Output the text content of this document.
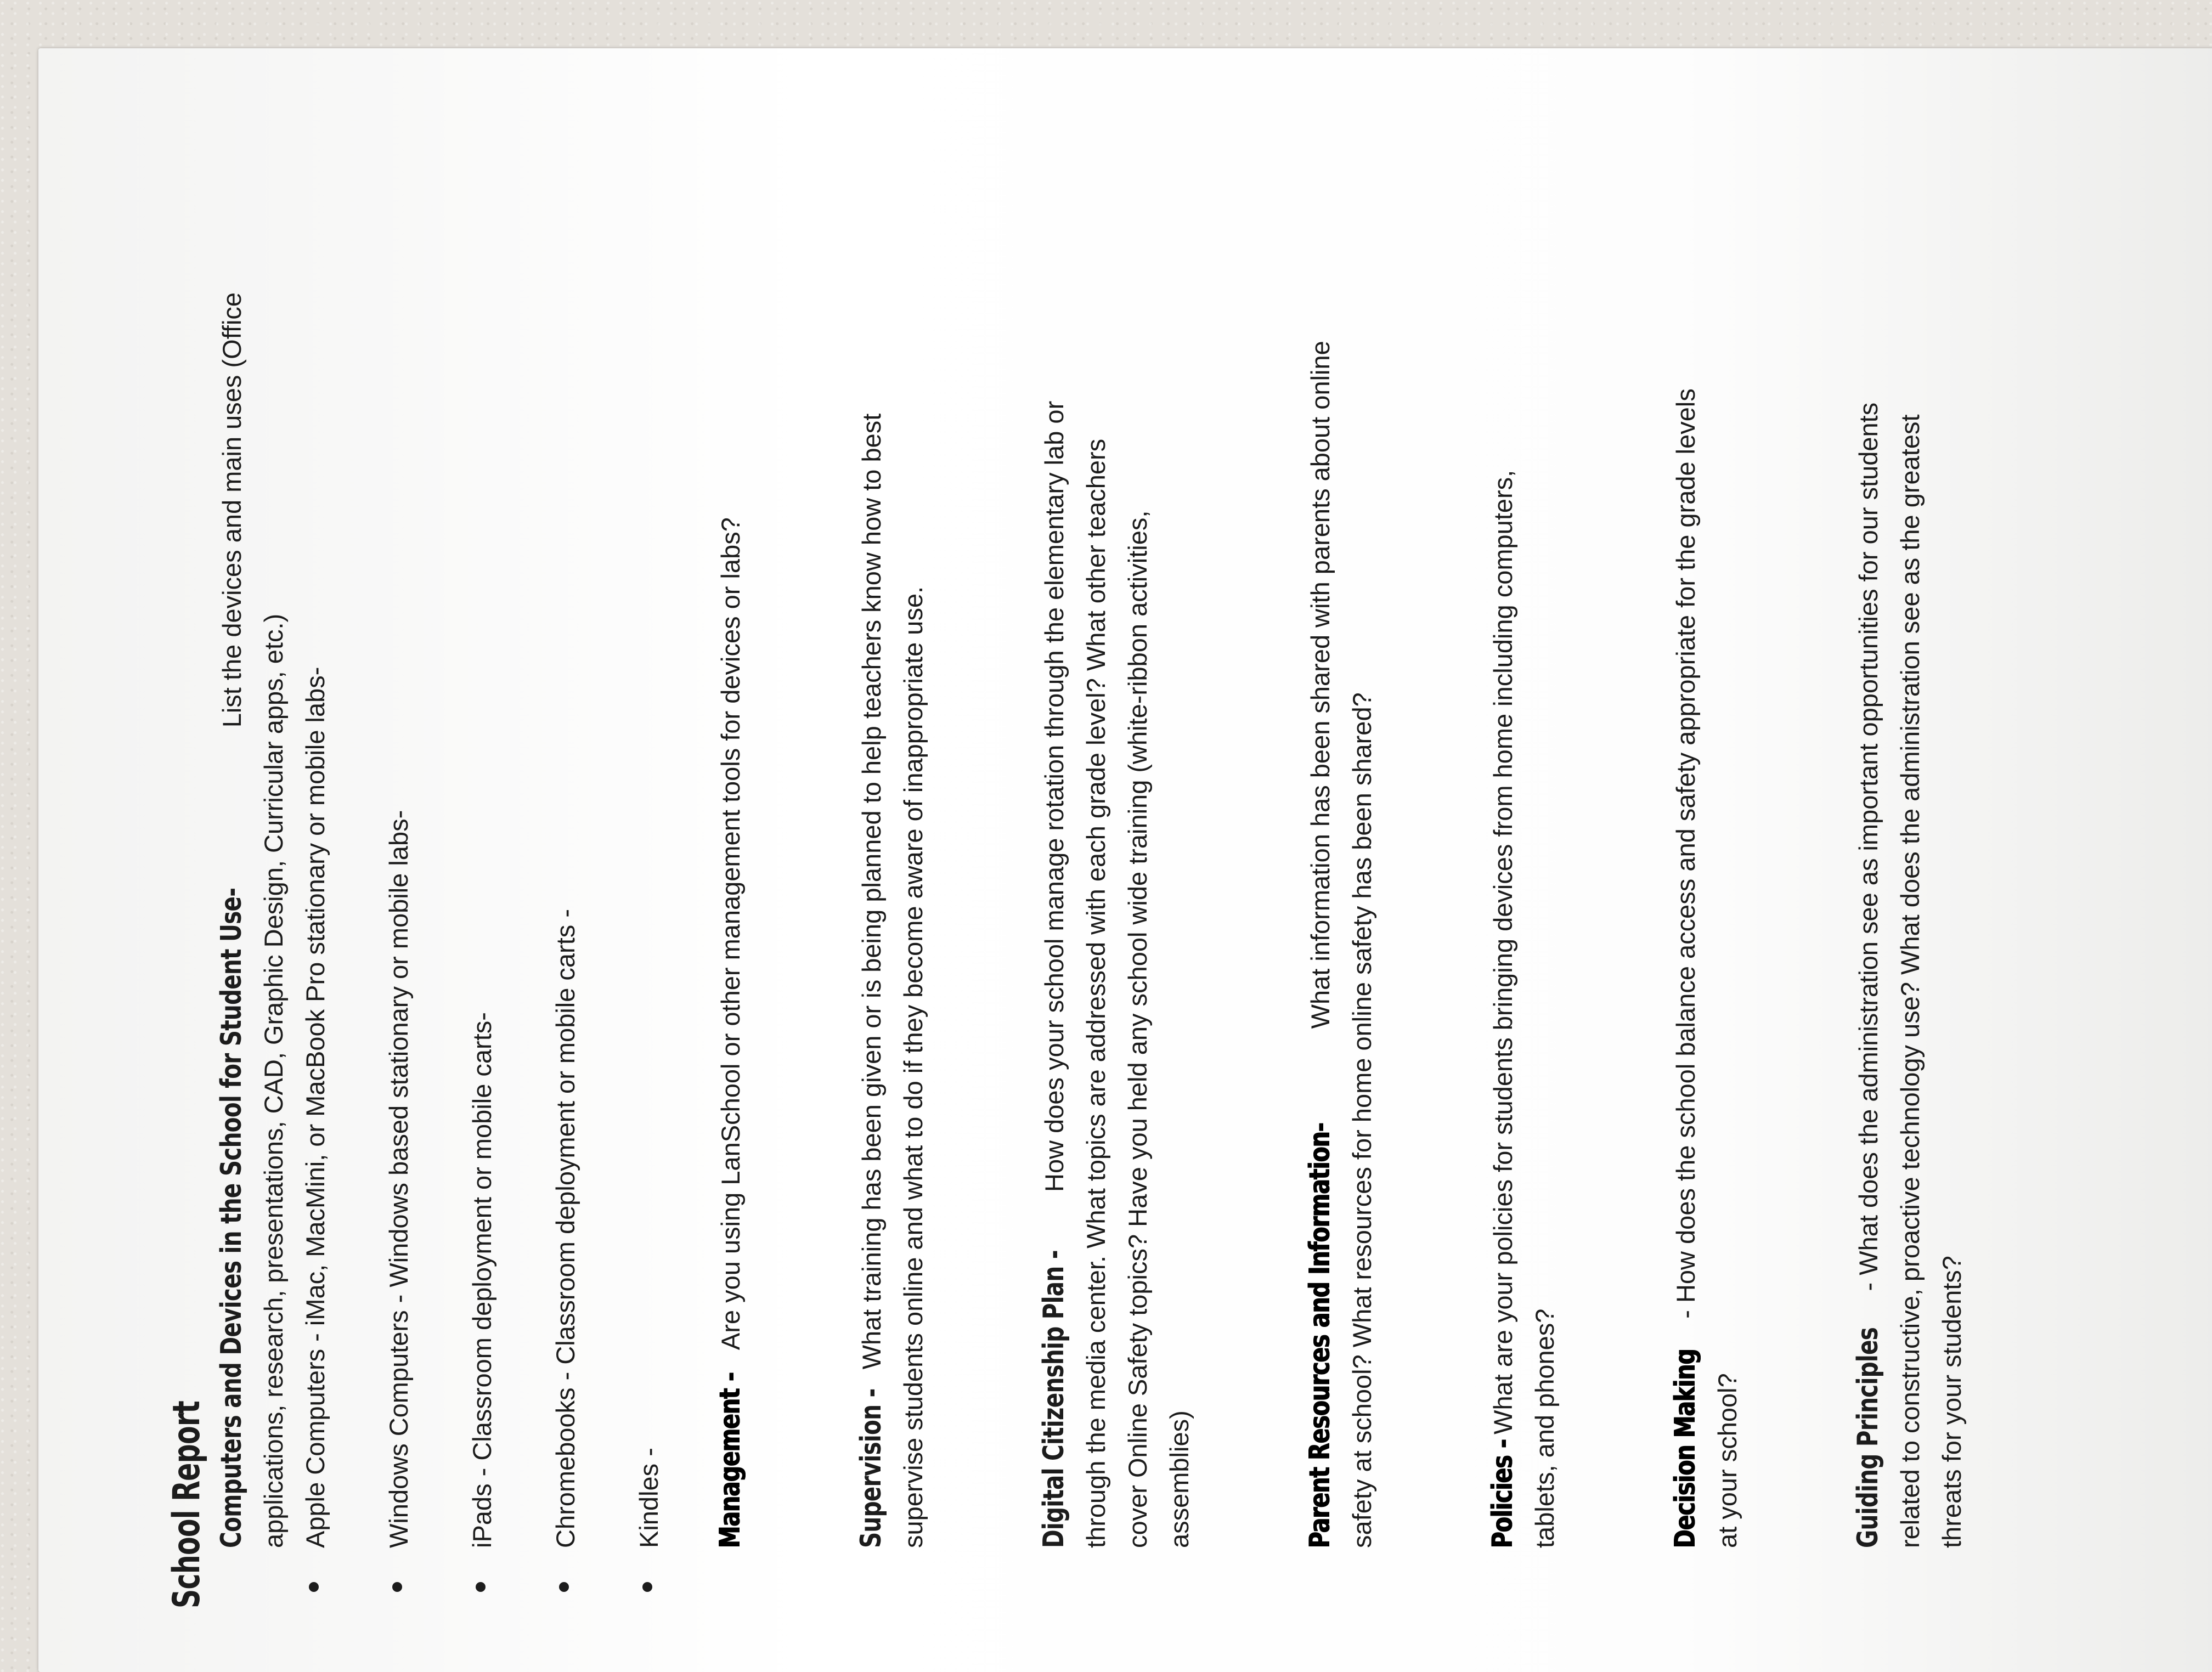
School Report Computers and Devices in the School for Student Use- List the devices and main uses (Office
applications, research, presentations, CAD, Graphic Design, Curricular apps, etc.) Apple Computers - iMac, MacMini, or MacBook Pro stationary or mobile labs- Windows Computers - Windows based stationary or mobile labs- iPads - Classroom deployment or mobile carts- Chromebooks - Classroom deployment or mobile carts - Kindles - Management - Are you using LanSchool or other management tools for devices or labs?
Supervision - What training has been given or is being planned to help teachers know how to best supervise students online and what to do if they become aware of inappropriate use.	Digital Citizenship Plan - How does your school manage rotation through the elementary lab or through the media center. What topics are addressed with each grade level? What other teachers cover Online Safety topics? Have you held any school wide training (white-ribbon activities, assemblies)	Parent Resources and Information- What information has been shared with parents about online
safety at school? What resources for home online safety has been shared?	Policies - What are your policies for students bringing devices from home including computers, tablets, and phones?	Decision Making - How does the school balance access and safety appropriate for the grade levels
at your school?	Guiding Principles - What does the administration see as important opportunities for our students related to constructive, proactive technology use? What does the administration see as the greatest threats for your students?
